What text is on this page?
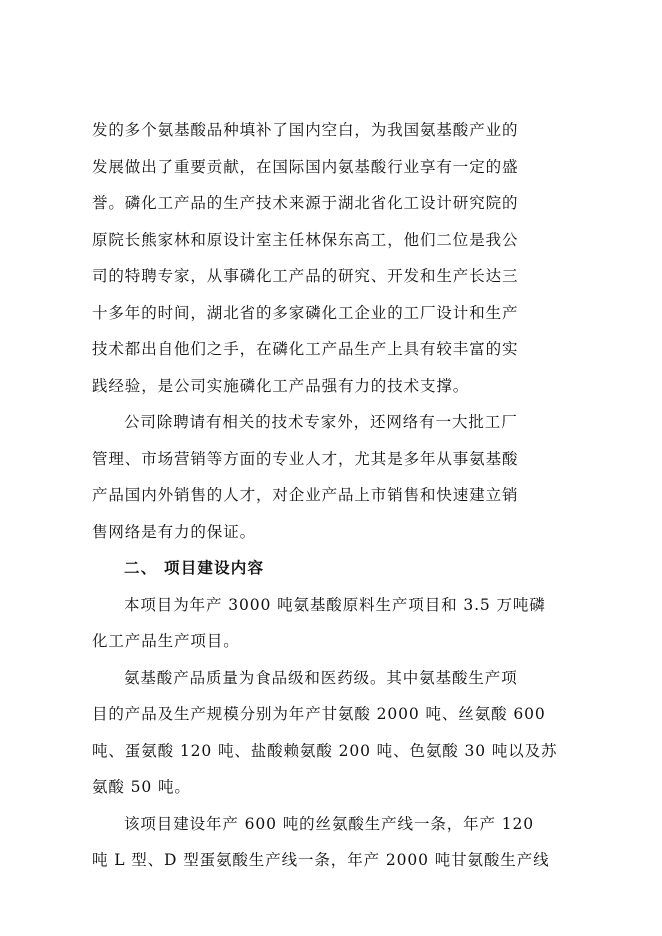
发的多个氨基酸品种填补了国内空白，为我国氨基酸产业的
发展做出了重要贡献，在国际国内氨基酸行业享有一定的盛
誉。磷化工产品的生产技术来源于湖北省化工设计研究院的
原院长熊家林和原设计室主任林保东高工，他们二位是我公
司的特聘专家，从事磷化工产品的研究、开发和生产长达三
十多年的时间，湖北省的多家磷化工企业的工厂设计和生产
技术都出自他们之手，在磷化工产品生产上具有较丰富的实
践经验，是公司实施磷化工产品强有力的技术支撑。
公司除聘请有相关的技术专家外，还网络有一大批工厂
管理、市场营销等方面的专业人才，尤其是多年从事氨基酸
产品国内外销售的人才，对企业产品上市销售和快速建立销
售网络是有力的保证。
二、 项目建设内容
本项目为年产 3000 吨氨基酸原料生产项目和 3.5 万吨磷
化工产品生产项目。
氨基酸产品质量为食品级和医药级。其中氨基酸生产项
目的产品及生产规模分别为年产甘氨酸 2000 吨、丝氨酸 600
吨、蛋氨酸 120 吨、盐酸赖氨酸 200 吨、色氨酸 30 吨以及苏
氨酸 50 吨。
该项目建设年产 600 吨的丝氨酸生产线一条，年产 120
吨 L 型、D 型蛋氨酸生产线一条，年产 2000 吨甘氨酸生产线
